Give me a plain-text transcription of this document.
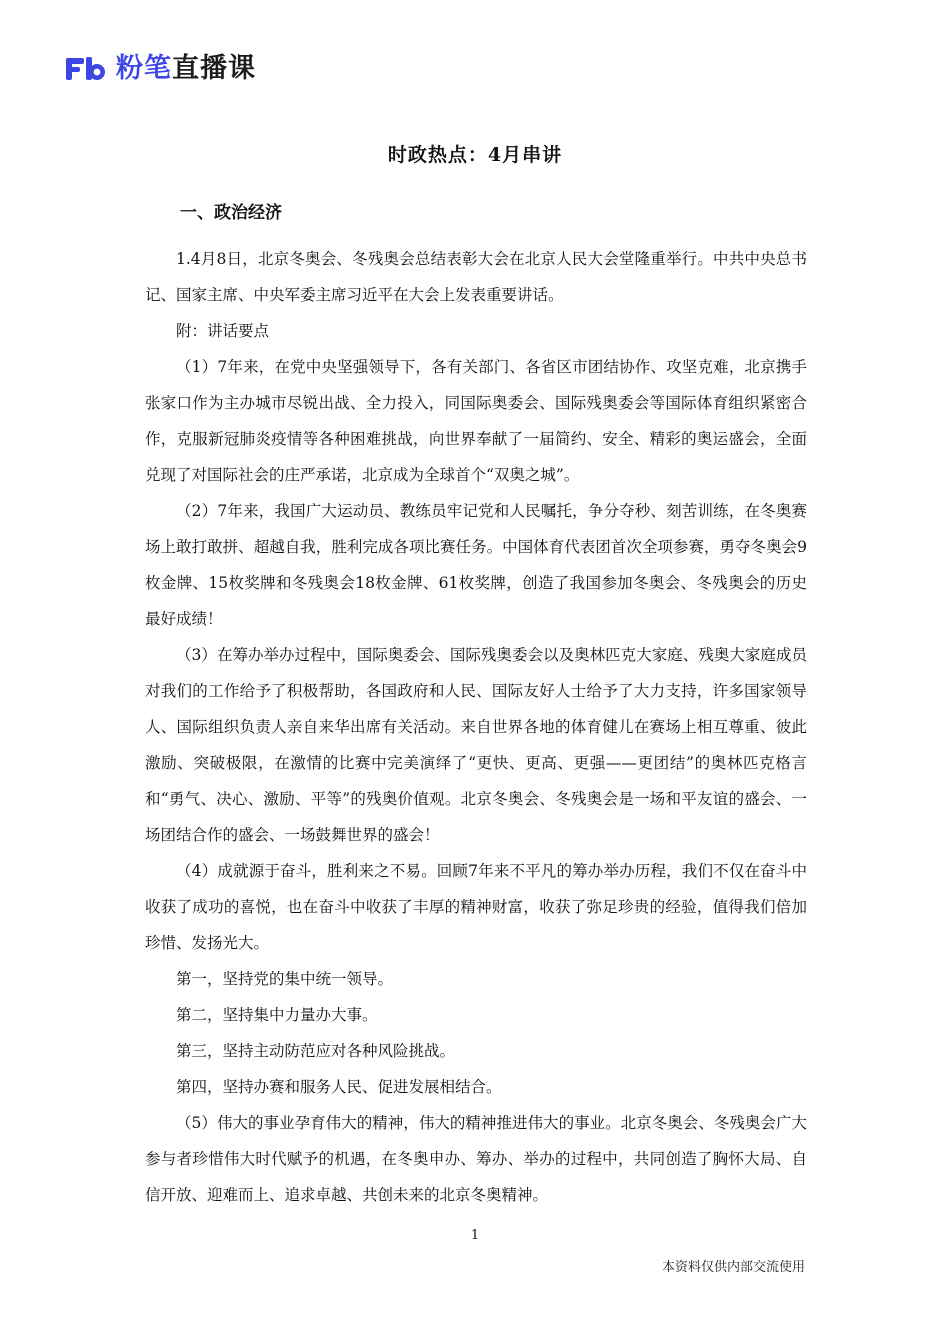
粉笔直播课
时政热点：4月串讲
一、政治经济

1.4月8日，北京冬奥会、冬残奥会总结表彰大会在北京人民大会堂隆重举行。中共中央总书记、国家主席、中央军委主席习近平在大会上发表重要讲话。

附：讲话要点

（1）7年来，在党中央坚强领导下，各有关部门、各省区市团结协作、攻坚克难，北京携手张家口作为主办城市尽锐出战、全力投入，同国际奥委会、国际残奥委会等国际体育组织紧密合作，克服新冠肺炎疫情等各种困难挑战，向世界奉献了一届简约、安全、精彩的奥运盛会，全面兑现了对国际社会的庄严承诺，北京成为全球首个“双奥之城”。

（2）7年来，我国广大运动员、教练员牢记党和人民嘱托，争分夺秒、刻苦训练，在冬奥赛场上敢打敢拼、超越自我，胜利完成各项比赛任务。中国体育代表团首次全项参赛，勇夺冬奥会9枚金牌、15枚奖牌和冬残奥会18枚金牌、61枚奖牌，创造了我国参加冬奥会、冬残奥会的历史最好成绩！

（3）在筹办举办过程中，国际奥委会、国际残奥委会以及奥林匹克大家庭、残奥大家庭成员对我们的工作给予了积极帮助，各国政府和人民、国际友好人士给予了大力支持，许多国家领导人、国际组织负责人亲自来华出席有关活动。来自世界各地的体育健儿在赛场上相互尊重、彼此激励、突破极限，在激情的比赛中完美演绎了“更快、更高、更强——更团结”的奥林匹克格言和“勇气、决心、激励、平等”的残奥价值观。北京冬奥会、冬残奥会是一场和平友谊的盛会、一场团结合作的盛会、一场鼓舞世界的盛会！

（4）成就源于奋斗，胜利来之不易。回顾7年来不平凡的筹办举办历程，我们不仅在奋斗中收获了成功的喜悦，也在奋斗中收获了丰厚的精神财富，收获了弥足珍贵的经验，值得我们倍加珍惜、发扬光大。

第一，坚持党的集中统一领导。

第二，坚持集中力量办大事。

第三，坚持主动防范应对各种风险挑战。

第四，坚持办赛和服务人民、促进发展相结合。

（5）伟大的事业孕育伟大的精神，伟大的精神推进伟大的事业。北京冬奥会、冬残奥会广大参与者珍惜伟大时代赋予的机遇，在冬奥申办、筹办、举办的过程中，共同创造了胸怀大局、自信开放、迎难而上、追求卓越、共创未来的北京冬奥精神。

1
本资料仅供内部交流使用
